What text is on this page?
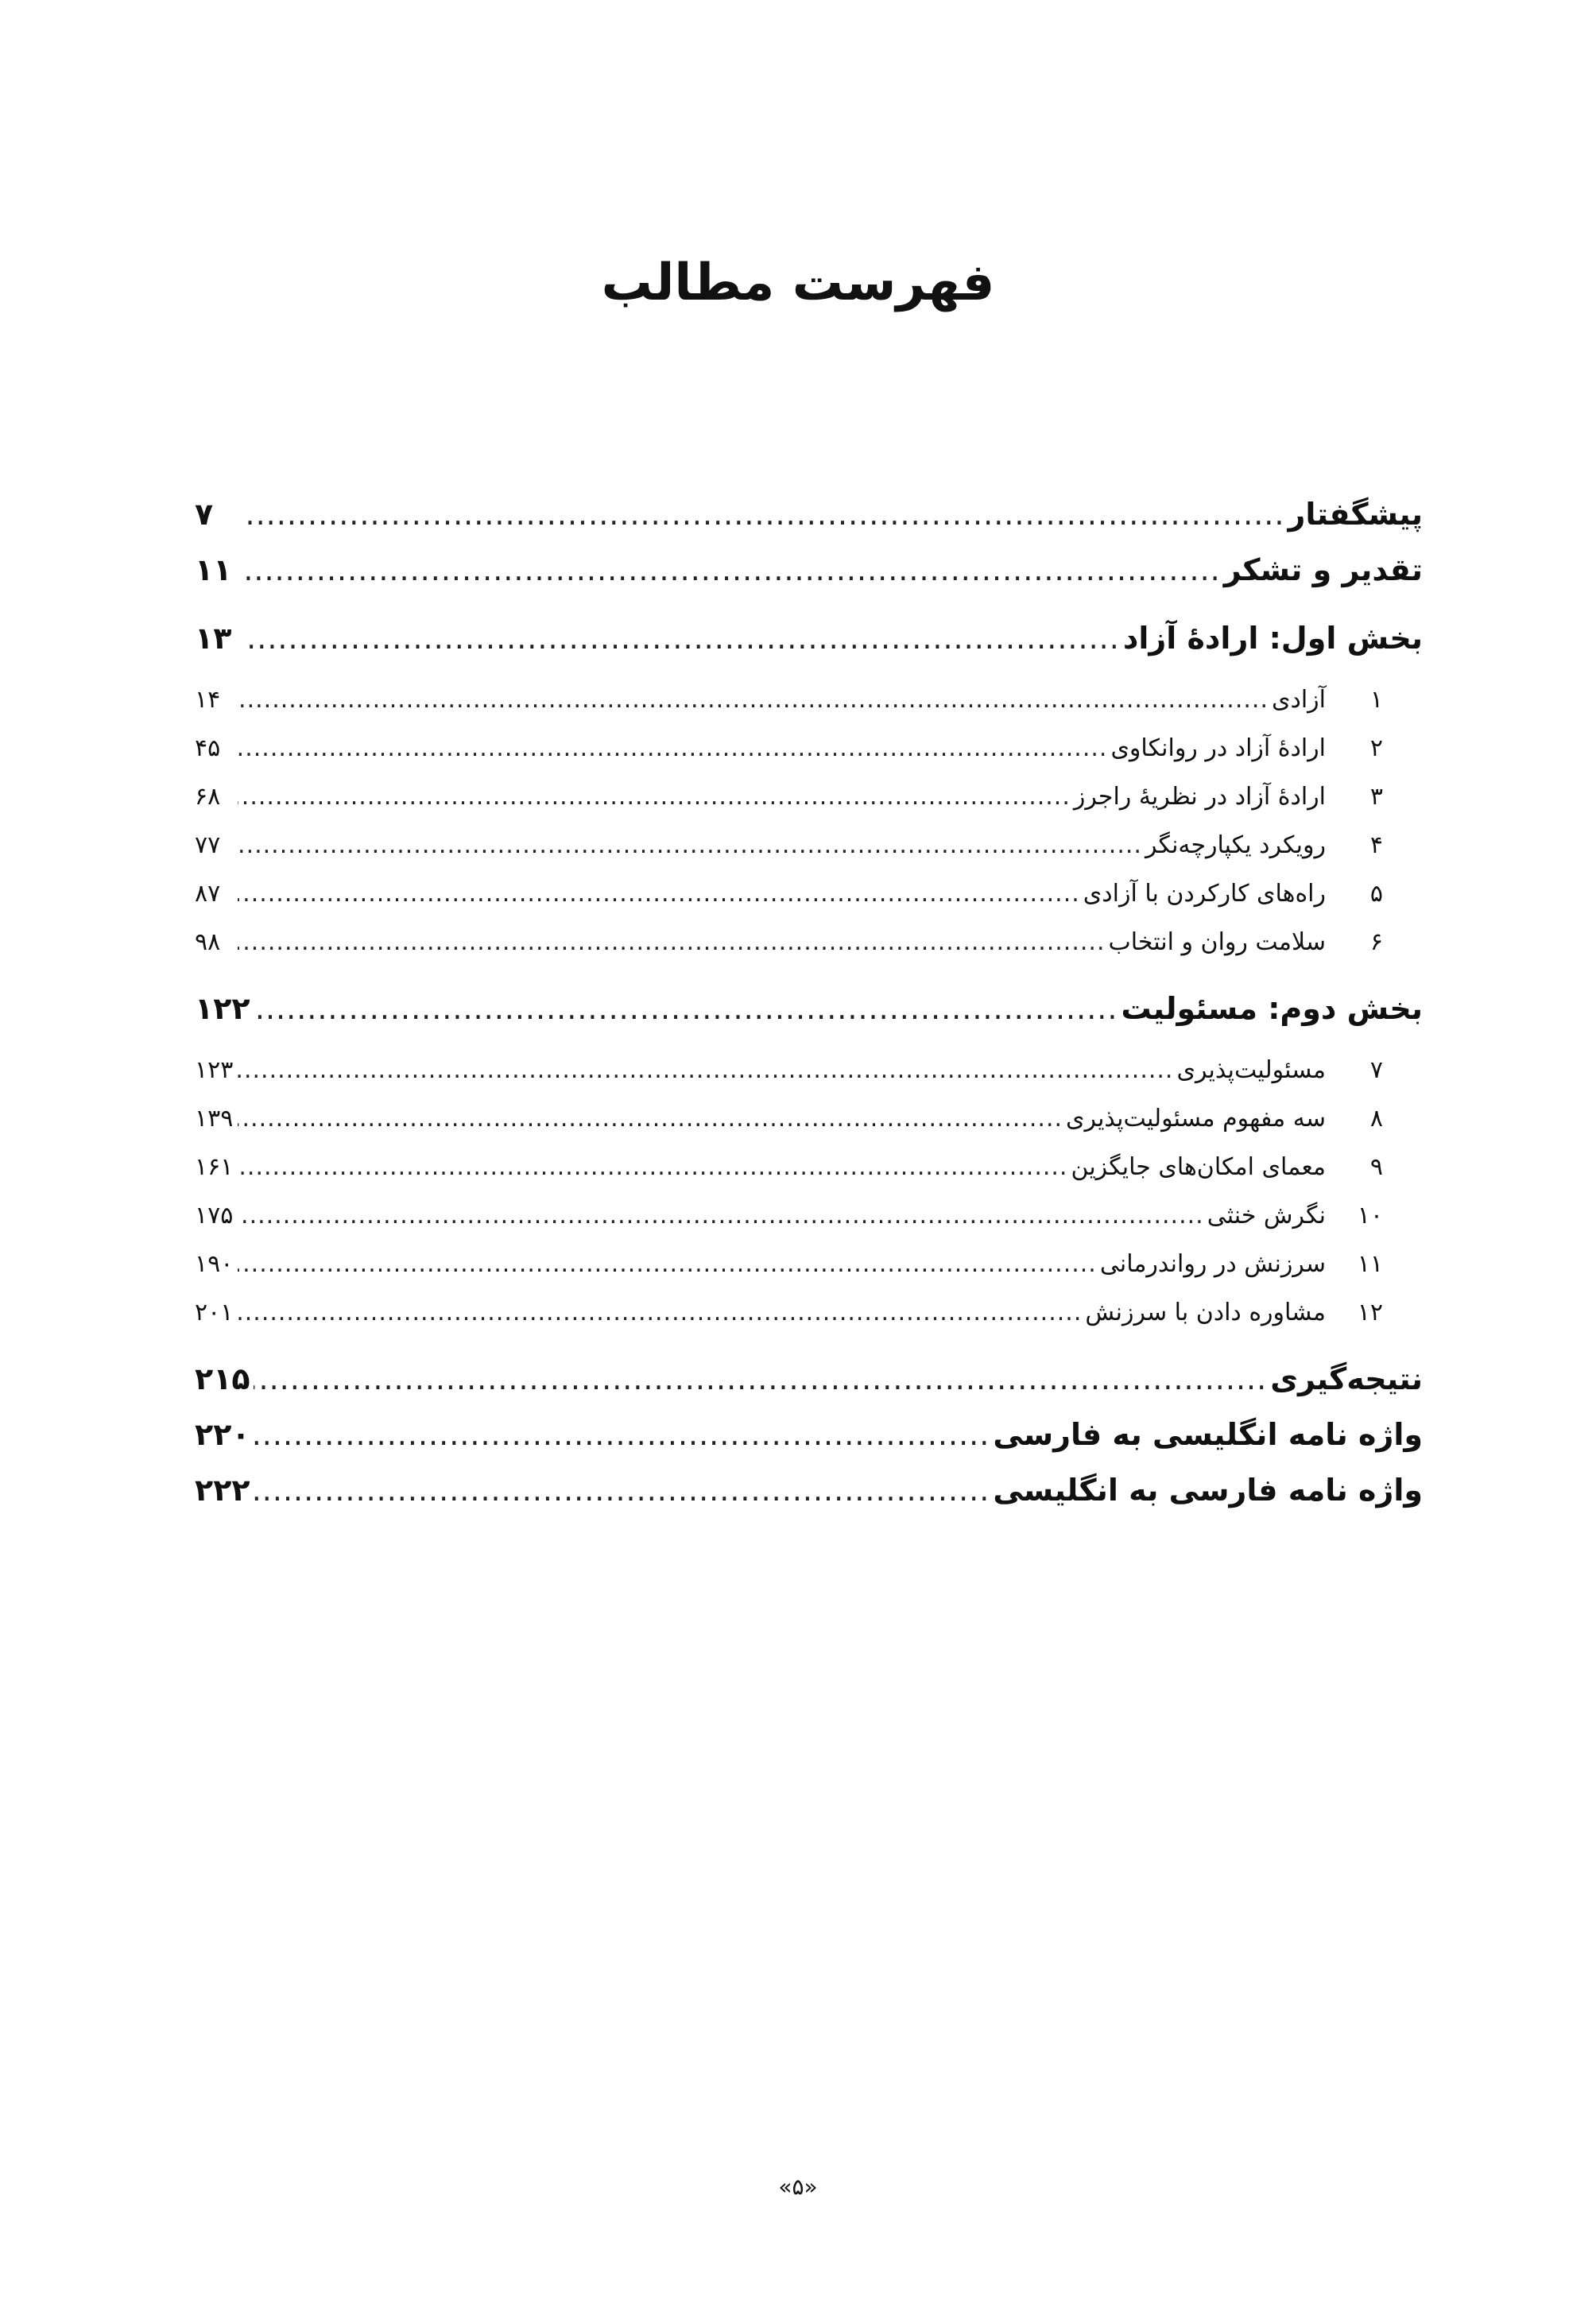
فهرست مطالب
پیشگفتار
.....
۷
تقدیر و تشکر
.....
۱۱
بخش اول: ارادۀ آزاد
.....
۱۳
۱
آزادی
.....
۱۴
۲
ارادۀ آزاد در روانکاوی
.....
۴۵
۳
ارادۀ آزاد در نظریۀ راجرز
.....
۶۸
۴
رویکرد یکپارچه‌نگر
.....
۷۷
۵
راه‌های کارکردن با آزادی
.....
۸۷
۶
سلامت روان و انتخاب
.....
۹۸
بخش دوم: مسئولیت
.....
۱۲۲
۷
مسئولیت‌پذیری
.....
۱۲۳
۸
سه مفهوم مسئولیت‌پذیری
.....
۱۳۹
۹
معمای امکان‌های جایگزین
.....
۱۶۱
۱۰
نگرش خنثی
.....
۱۷۵
۱۱
سرزنش در رواندرمانی
.....
۱۹۰
۱۲
مشاوره دادن با سرزنش
.....
۲۰۱
نتیجه‌گیری
.....
۲۱۵
واژه نامه انگلیسی به فارسی
.....
۲۲۰
واژه نامه فارسی به انگلیسی
.....
۲۲۲
«۵»
